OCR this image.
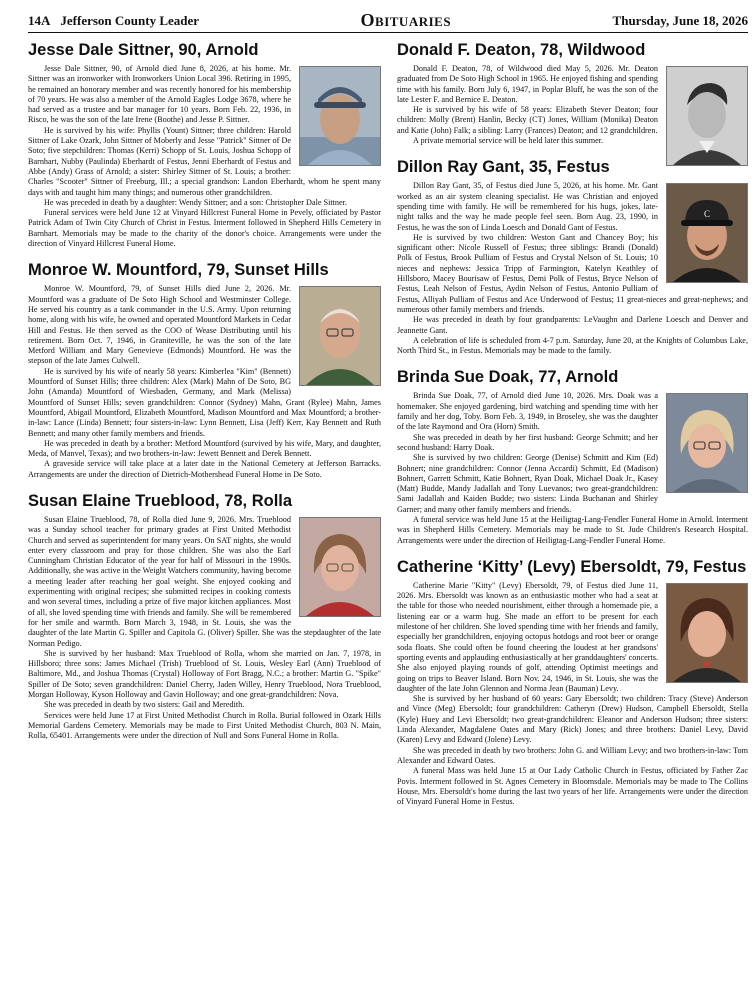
14A Jefferson County Leader	Obituaries	Thursday, June 18, 2026
Jesse Dale Sittner, 90, Arnold

Jesse Dale Sittner, 90, of Arnold died June 8, 2026, at his home. Mr. Sittner was an ironworker with Ironworkers Union Local 396. Retiring in 1995, he remained an honorary member and was recently honored for his membership of 70 years. He was also a member of the Arnold Eagles Lodge 3678, where he had served as a trustee and bar manager for 10 years. Born Feb. 22, 1936, in Risco, he was the son of the late Irene (Boothe) and Jesse P. Sittner.

He is survived by his wife: Phyllis (Yount) Sittner; three children: Harold Sittner of Lake Ozark, John Sittner of Moberly and Jesse "Patrick" Sittner of De Soto; five stepchildren: Thomas (Kerri) Schopp of St. Louis, Joshua Schopp of Barnhart, Nubby (Paulinda) Eberhardt of Festus, Jenni Eberhardt of Festus and Abbe (Andy) Grass of Arnold; a sister: Shirley Sittner of St. Louis; a brother: Charles "Scooter" Sittner of Freeburg, Ill.; a special grandson: Landon Eberhardt, whom he spent many days with and taught him many things; and numerous other grandchildren.

He was preceded in death by a daughter: Wendy Sittner; and a son: Christopher Dale Sittner.

Funeral services were held June 12 at Vinyard Hillcrest Funeral Home in Pevely, officiated by Pastor Patrick Adam of Twin City Church of Christ in Festus. Interment followed in Shepherd Hills Cemetery in Barnhart. Memorials may be made to the charity of the donor's choice. Arrangements were under the direction of Vinyard Hillcrest Funeral Home.

Monroe W. Mountford, 79, Sunset Hills

Monroe W. Mountford, 79, of Sunset Hills died June 2, 2026. Mr. Mountford was a graduate of De Soto High School and Westminster College. He served his country as a tank commander in the U.S. Army. Upon returning home, along with his wife, he owned and operated Mountford Markets in Cedar Hill and Festus. He then served as the COO of Wease Distributing until his retirement. Born Oct. 7, 1946, in Graniteville, he was the son of the late Metford William and Mary Genevieve (Edmonds) Mountford. He was the stepson of the late James Culwell.

He is survived by his wife of nearly 58 years: Kimberlea "Kim" (Bennett) Mountford of Sunset Hills; three children: Alex (Mark) Mahn of De Soto, BG John (Amanda) Mountford of Wiesbaden, Germany, and Mark (Melissa) Mountford of Sunset Hills; seven grandchildren: Connor (Sydney) Mahn, Grant (Rylee) Mahn, James Mountford, Abigail Mountford, Elizabeth Mountford, Madison Mountford and Max Mountford; a brother-in-law: Lance (Linda) Bennett; four sisters-in-law: Lynn Bennett, Lisa (Jeff) Kerr, Kay Bennett and Ruth Bennett; and many other family members and friends.

He was preceded in death by a brother: Metford Mountford (survived by his wife, Mary, and daughter, Meda, of Manvel, Texas); and two brothers-in-law: Jewett Bennett and Derek Bennett.

A graveside service will take place at a later date in the National Cemetery at Jefferson Barracks. Arrangements are under the direction of Dietrich-Mothershead Funeral Home in De Soto.

Susan Elaine Trueblood, 78, Rolla

Susan Elaine Trueblood, 78, of Rolla died June 9, 2026. Mrs. Trueblood was a Sunday school teacher for primary grades at First United Methodist Church and served as superintendent for many years. On SAT nights, she would enter every classroom and pray for those children. She was also the Earl Cunningham Christian Educator of the year for half of Missouri in the 1990s. Additionally, she was active in the Weight Watchers community, having become a meeting leader after reaching her goal weight. She enjoyed cooking and experimenting with original recipes; she submitted recipes in cooking contests and won several times, including a prize of five major kitchen appliances. Most of all, she loved spending time with friends and family. She will be remembered for her smile and warmth. Born March 3, 1948, in St. Louis, she was the daughter of the late Martin G. Spiller and Capitola G. (Oliver) Spiller. She was the stepdaughter of the late Norman Pedigo.

She is survived by her husband: Max Trueblood of Rolla, whom she married on Jan. 7, 1978, in Hillsboro; three sons: James Michael (Trish) Trueblood of St. Louis, Wesley Earl (Ann) Trueblood of Baltimore, Md., and Joshua Thomas (Crystal) Holloway of Fort Bragg, N.C.; a brother: Martin G. "Spike" Spiller of De Soto; seven grandchildren: Daniel Cherry, Jaden Willey, Henry Trueblood, Nora Trueblood, Morgan Holloway, Kyson Holloway and Gavin Holloway; and one great-grandchildren: Nova.

She was preceded in death by two sisters: Gail and Meredith.

Services were held June 17 at First United Methodist Church in Rolla. Burial followed in Ozark Hills Memorial Gardens Cemetery. Memorials may be made to First United Methodist Church, 803 N. Main, Rolla, 65401. Arrangements were under the direction of Null and Sons Funeral Home in Rolla.

Donald F. Deaton, 78, Wildwood

Donald F. Deaton, 78, of Wildwood died May 5, 2026. Mr. Deaton graduated from De Soto High School in 1965. He enjoyed fishing and spending time with his family. Born July 6, 1947, in Poplar Bluff, he was the son of the late Lester F. and Bernice E. Deaton.

He is survived by his wife of 58 years: Elizabeth Stever Deaton; four children: Molly (Brent) Hanlin, Becky (CT) Jones, William (Monika) Deaton and Katie (John) Falk; a sibling: Larry (Frances) Deaton; and 12 grandchildren.

A private memorial service will be held later this summer.

Dillon Ray Gant, 35, Festus
C

Dillon Ray Gant, 35, of Festus died June 5, 2026, at his home. Mr. Gant worked as an air system cleaning specialist. He was Christian and enjoyed spending time with family. He will be remembered for his hugs, jokes, late-night talks and the way he made people feel seen. Born Aug. 23, 1990, in Festus, he was the son of Linda Loesch and Donald Gant of Festus.

He is survived by two children: Weston Gant and Chancey Boy; his significant other: Nicole Russell of Festus; three siblings: Brandi (Donald) Polk of Festus, Brook Pulliam of Festus and Crystal Nelson of St. Louis; 10 nieces and nephews: Jessica Tripp of Farmington, Katelyn Keathley of Hillsboro, Macey Bourisaw of Festus, Demi Polk of Festus, Bryce Nelson of Festus, Leah Nelson of Festus, Aydin Nelson of Festus, Antonio Pulliam of Festus, Alliyah Pulliam of Festus and Ace Underwood of Festus; 11 great-nieces and great-nephews; and numerous other family members and friends.

He was preceded in death by four grandparents: LeVaughn and Darlene Loesch and Denver and Jeannette Gant.

A celebration of life is scheduled from 4-7 p.m. Saturday, June 20, at the Knights of Columbus Lake, North Third St., in Festus. Memorials may be made to the family.

Brinda Sue Doak, 77, Arnold

Brinda Sue Doak, 77, of Arnold died June 10, 2026. Mrs. Doak was a homemaker. She enjoyed gardening, bird watching and spending time with her family and her dog, Toby. Born Feb. 3, 1949, in Broseley, she was the daughter of the late Raymond and Ora (Horn) Smith.

She was preceded in death by her first husband: George Schmitt; and her second husband: Harry Doak.

She is survived by two children: George (Denise) Schmitt and Kim (Ed) Bohnert; nine grandchildren: Connor (Jenna Accardi) Schmitt, Ed (Madison) Bohnert, Garrett Schmitt, Katie Bohnert, Ryan Doak, Michael Doak Jr., Kasey (Matt) Budde, Mandy Jadallah and Tony Luevanos; two great-grandchildren: Sami Jadallah and Kaiden Budde; two sisters: Linda Buchanan and Shirley Garner; and many other family members and friends.

A funeral service was held June 15 at the Heiligtag-Lang-Fendler Funeral Home in Arnold. Interment was in Shepherd Hills Cemetery. Memorials may be made to St. Jude Children's Research Hospital. Arrangements were under the direction of Heiligtag-Lang-Fendler Funeral Home.

Catherine ‘Kitty’ (Levy) Ebersoldt, 79, Festus

Catherine Marie "Kitty" (Levy) Ebersoldt, 79, of Festus died June 11, 2026. Mrs. Ebersoldt was known as an enthusiastic mother who had a seat at the table for those who needed nourishment, either through a homemade pie, a listening ear or a warm hug. She made an effort to be present for each milestone of her children. She loved spending time with her friends and family, especially her grandchildren, enjoying octopus hotdogs and root beer or orange soda floats. She could often be found cheering the loudest at her grandsons' sporting events and applauding enthusiastically at her granddaughters' concerts. She also enjoyed playing rounds of golf, attending Optimist meetings and going on trips to Beaver Island. Born Nov. 24, 1946, in St. Louis, she was the daughter of the late John Glennon and Norma Jean (Bauman) Levy.

She is survived by her husband of 60 years: Gary Ebersoldt; two children: Tracy (Steve) Anderson and Vince (Meg) Ebersoldt; four grandchildren: Catheryn (Drew) Hudson, Campbell Ebersoldt, Stella (Kyle) Huey and Levi Ebersoldt; two great-grandchildren: Eleanor and Anderson Hudson; three sisters: Linda Alexander, Magdalene Oates and Mary (Rick) Jones; and three brothers: Daniel Levy, David (Karen) Levy and Edward (Jolene) Levy.

She was preceded in death by two brothers: John G. and William Levy; and two brothers-in-law: Tom Alexander and Edward Oates.

A funeral Mass was held June 15 at Our Lady Catholic Church in Festus, officiated by Father Zac Povis. Interment followed in St. Agnes Cemetery in Bloomsdale. Memorials may be made to The Collins House, Mrs. Ebersoldt's home during the last two years of her life. Arrangements were under the direction of Vinyard Funeral Home in Festus.
